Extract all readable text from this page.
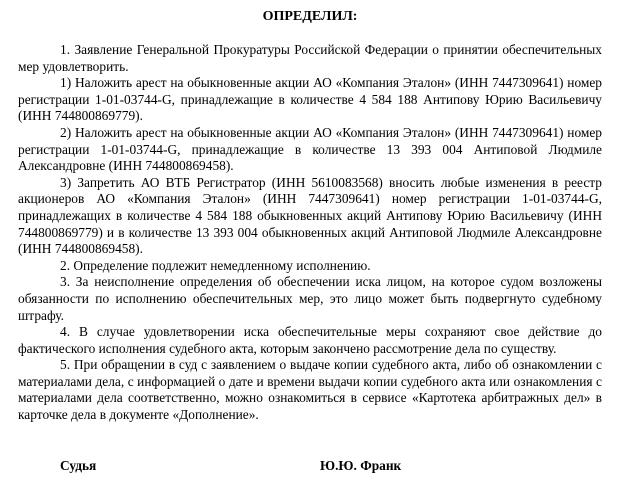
ОПРЕДЕЛИЛ:

1. Заявление Генеральной Прокуратуры Российской Федерации о принятии обеспечительных мер удовлетворить.

1) Наложить арест на обыкновенные акции АО «Компания Эталон» (ИНН 7447309641) номер регистрации 1-01-03744-G, принадлежащие в количестве 4 584 188 Антипову Юрию Васильевичу (ИНН 744800869779).

2) Наложить арест на обыкновенные акции АО «Компания Эталон» (ИНН 7447309641) номер регистрации 1-01-03744-G, принадлежащие в количестве 13 393 004 Антиповой Людмиле Александровне (ИНН 744800869458).

3) Запретить АО ВТБ Регистратор (ИНН 5610083568) вносить любые изменения в реестр акционеров АО «Компания Эталон» (ИНН 7447309641) номер регистрации 1-01-03744-G, принадлежащих в количестве 4 584 188 обыкновенных акций Антипову Юрию Васильевичу (ИНН 744800869779) и в количестве 13 393 004 обыкновенных акций Антиповой Людмиле Александровне (ИНН 744800869458).

2. Определение подлежит немедленному исполнению.

3. За неисполнение определения об обеспечении иска лицом, на которое судом возложены обязанности по исполнению обеспечительных мер, это лицо может быть подвергнуто судебному штрафу.

4. В случае удовлетворении иска обеспечительные меры сохраняют свое действие до фактического исполнения судебного акта, которым закончено рассмотрение дела по существу.

5. При обращении в суд с заявлением о выдаче копии судебного акта, либо об ознакомлении с материалами дела, с информацией о дате и времени выдачи копии судебного акта или ознакомления с материалами дела соответственно, можно ознакомиться в сервисе «Картотека арбитражных дел» в карточке дела в документе «Дополнение».

Судья	Ю.Ю. Франк
